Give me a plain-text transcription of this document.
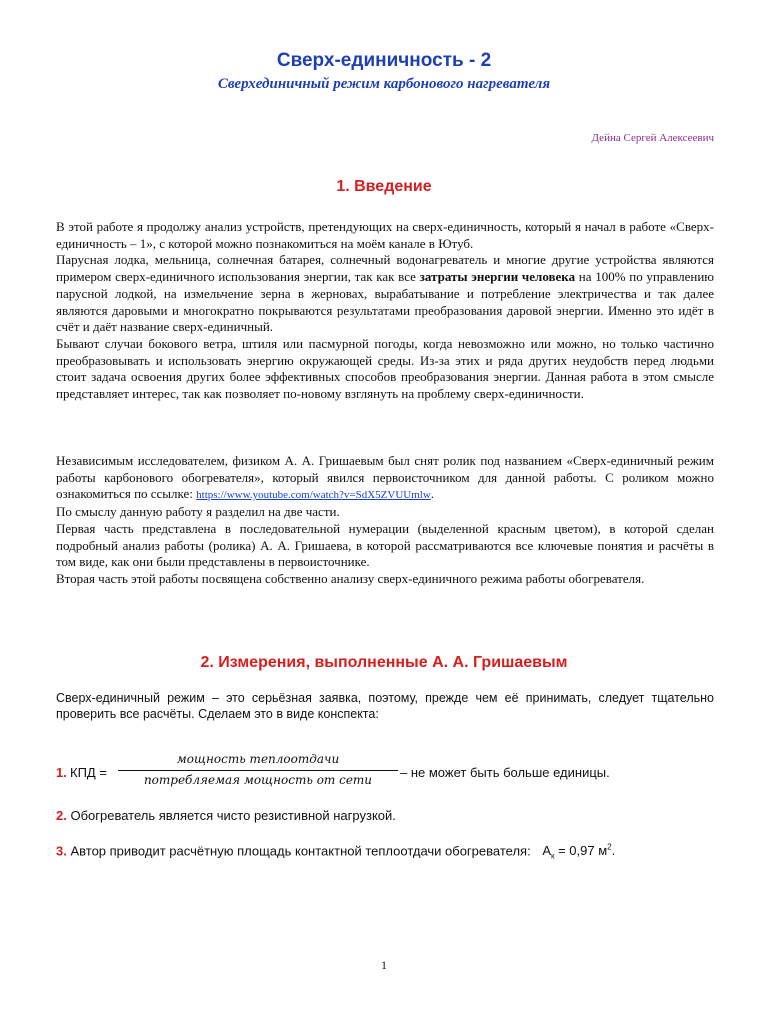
Сверх-единичность - 2
Сверхединичный режим карбонового нагревателя
Дейна Сергей Алексеевич
1. Введение

В этой работе я продолжу анализ устройств, претендующих на сверх-единичность, который я начал в работе «Сверх-единичность – 1», с которой можно познакомиться на моём канале в Ютуб.

Парусная лодка, мельница, солнечная батарея, солнечный водонагреватель и многие другие устройства являются примером сверх-единичного использования энергии, так как все затраты энергии человека на 100% по управлению парусной лодкой, на измельчение зерна в жерновах, вырабатывание и потребление электричества и так далее являются даровыми и многократно покрываются результатами преобразования даровой энергии. Именно это идёт в счёт и даёт название сверх-единичный.

Бывают случаи бокового ветра, штиля или пасмурной погоды, когда невозможно или можно, но только частично преобразовывать и использовать энергию окружающей среды. Из-за этих и ряда других неудобств перед людьми стоит задача освоения других более эффективных способов преобразования энергии. Данная работа в этом смысле представляет интерес, так как позволяет по-новому взглянуть на проблему сверх-единичности.

Независимым исследователем, физиком А. А. Гришаевым был снят ролик под названием «Сверх-единичный режим работы карбонового обогревателя», который явился первоисточником для данной работы. С роликом можно ознакомиться по ссылке: https://www.youtube.com/watch?v=SdX5ZVUUmlw.

По смыслу данную работу я разделил на две части.

Первая часть представлена в последовательной нумерации (выделенной красным цветом), в которой сделан подробный анализ работы (ролика) А. А. Гришаева, в которой рассматриваются все ключевые понятия и расчёты в том виде, как они были представлены в первоисточнике.

Вторая часть этой работы посвящена собственно анализу сверх-единичного режима работы обогревателя.

2. Измерения, выполненные А. А. Гришаевым

Сверх-единичный режим – это серьёзная заявка, поэтому, прежде чем её принимать, следует тщательно проверить все расчёты. Сделаем это в виде конспекта:

1. КПД =
мощность теплоотдачи
потребляемая мощность от сети	– не может быть больше единицы.
2. Обогреватель является чисто резистивной нагрузкой.
3. Автор приводит расчётную площадь контактной теплоотдачи обогревателя: $A_к = 0,97$ $м^2$.
1
